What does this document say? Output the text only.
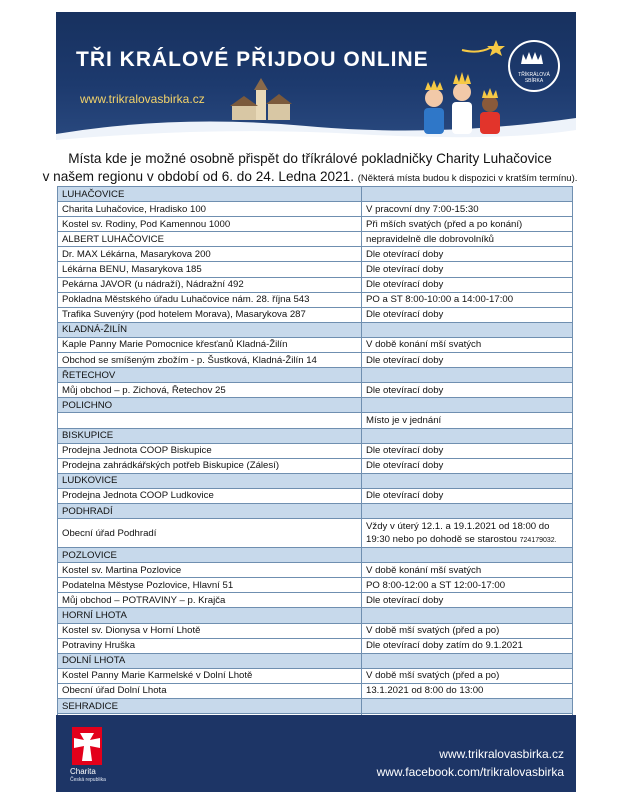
TŘI KRÁLOVÉ PŘIJDOU ONLINE
www.trikralovasbirka.cz
TŘÍKRÁLOVÁ
SBÍRKA
Místa kde je možné osobně přispět do tříkrálové pokladničky Charity Luhačovice
v našem regionu v období od 6. do 24. Ledna 2021. (Některá místa budou k dispozici v kratším termínu).
LUHAČOVICE	
Charita Luhačovice, Hradisko 100	V pracovní dny 7:00-15:30
Kostel sv. Rodiny, Pod Kamennou 1000	Při mších svatých (před a po konání)
ALBERT LUHAČOVICE	nepravidelně dle dobrovolníků
Dr. MAX Lékárna, Masarykova 200	Dle otevírací doby
Lékárna BENU, Masarykova 185	Dle otevírací doby
Pekárna JAVOR (u nádraží), Nádražní 492	Dle otevírací doby
Pokladna Městského úřadu Luhačovice nám. 28. října 543	PO a ST 8:00-10:00 a 14:00-17:00
Trafika Suvenýry (pod hotelem Morava), Masarykova 287	Dle otevírací doby
KLADNÁ-ŽILÍN	
Kaple Panny Marie Pomocnice křesťanů Kladná-Žilín	V době konání mší svatých
Obchod se smíšeným zbožím - p. Šustková, Kladná-Žilín 14	Dle otevírací doby
ŘETECHOV	
Můj obchod – p. Zichová, Řetechov 25	Dle otevírací doby
POLICHNO	
	Místo je v jednání
BISKUPICE	
Prodejna Jednota COOP Biskupice	Dle otevírací doby
Prodejna zahrádkářských potřeb Biskupice (Zálesí)	Dle otevírací doby
LUDKOVICE	
Prodejna Jednota COOP Ludkovice	Dle otevírací doby
PODHRADÍ	
Obecní úřad Podhradí	Vždy v úterý 12.1. a 19.1.2021 od 18:00 do 19:30 nebo po dohodě se starostou 724179032.
POZLOVICE	
Kostel sv. Martina Pozlovice	V době konání mší svatých
Podatelna Městyse Pozlovice, Hlavní 51	PO 8:00-12:00 a ST 12:00-17:00
Můj obchod – POTRAVINY – p. Krajča	Dle otevírací doby
HORNÍ LHOTA	
Kostel sv. Dionysa v Horní Lhotě	V době mší svatých (před a po)
Potraviny Hruška	Dle otevírací doby zatím do 9.1.2021
DOLNÍ LHOTA	
Kostel Panny Marie Karmelské v Dolní Lhotě	V době mší svatých (před a po)
Obecní úřad Dolní Lhota	13.1.2021 od 8:00 do 13:00
SEHRADICE	

Charita
Česká republika
www.trikralovasbirka.cz
www.facebook.com/trikralovasbirka
